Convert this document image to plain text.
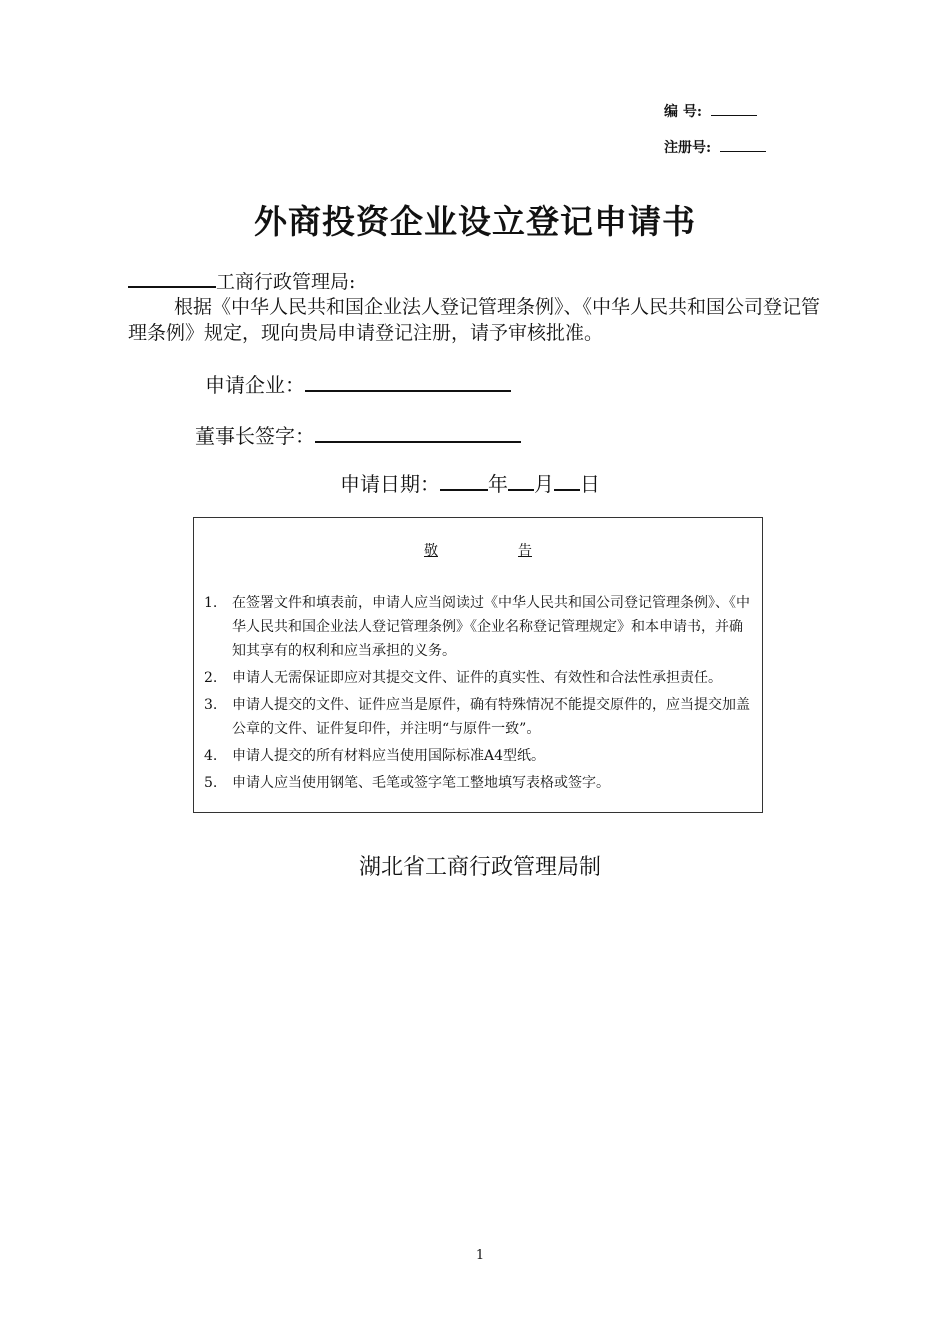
编 号:
注册号:
外商投资企业设立登记申请书
工商行政管理局:
根据《中华人民共和国企业法人登记管理条例》、《中华人民共和国公司登记管理条例》规定，现向贵局申请登记注册，请予审核批准。
申请企业：
董事长签字：
申请日期： 年 月 日
敬	告
1.	在签署文件和填表前，申请人应当阅读过《中华人民共和国公司登记管理条例》、《中华人民共和国企业法人登记管理条例》《企业名称登记管理规定》和本申请书，并确知其享有的权利和应当承担的义务。
2.	申请人无需保证即应对其提交文件、证件的真实性、有效性和合法性承担责任。
3.	申请人提交的文件、证件应当是原件，确有特殊情况不能提交原件的，应当提交加盖公章的文件、证件复印件，并注明“与原件一致”。
4.	申请人提交的所有材料应当使用国际标准A4型纸。
5.	申请人应当使用钢笔、毛笔或签字笔工整地填写表格或签字。
湖北省工商行政管理局制
1
